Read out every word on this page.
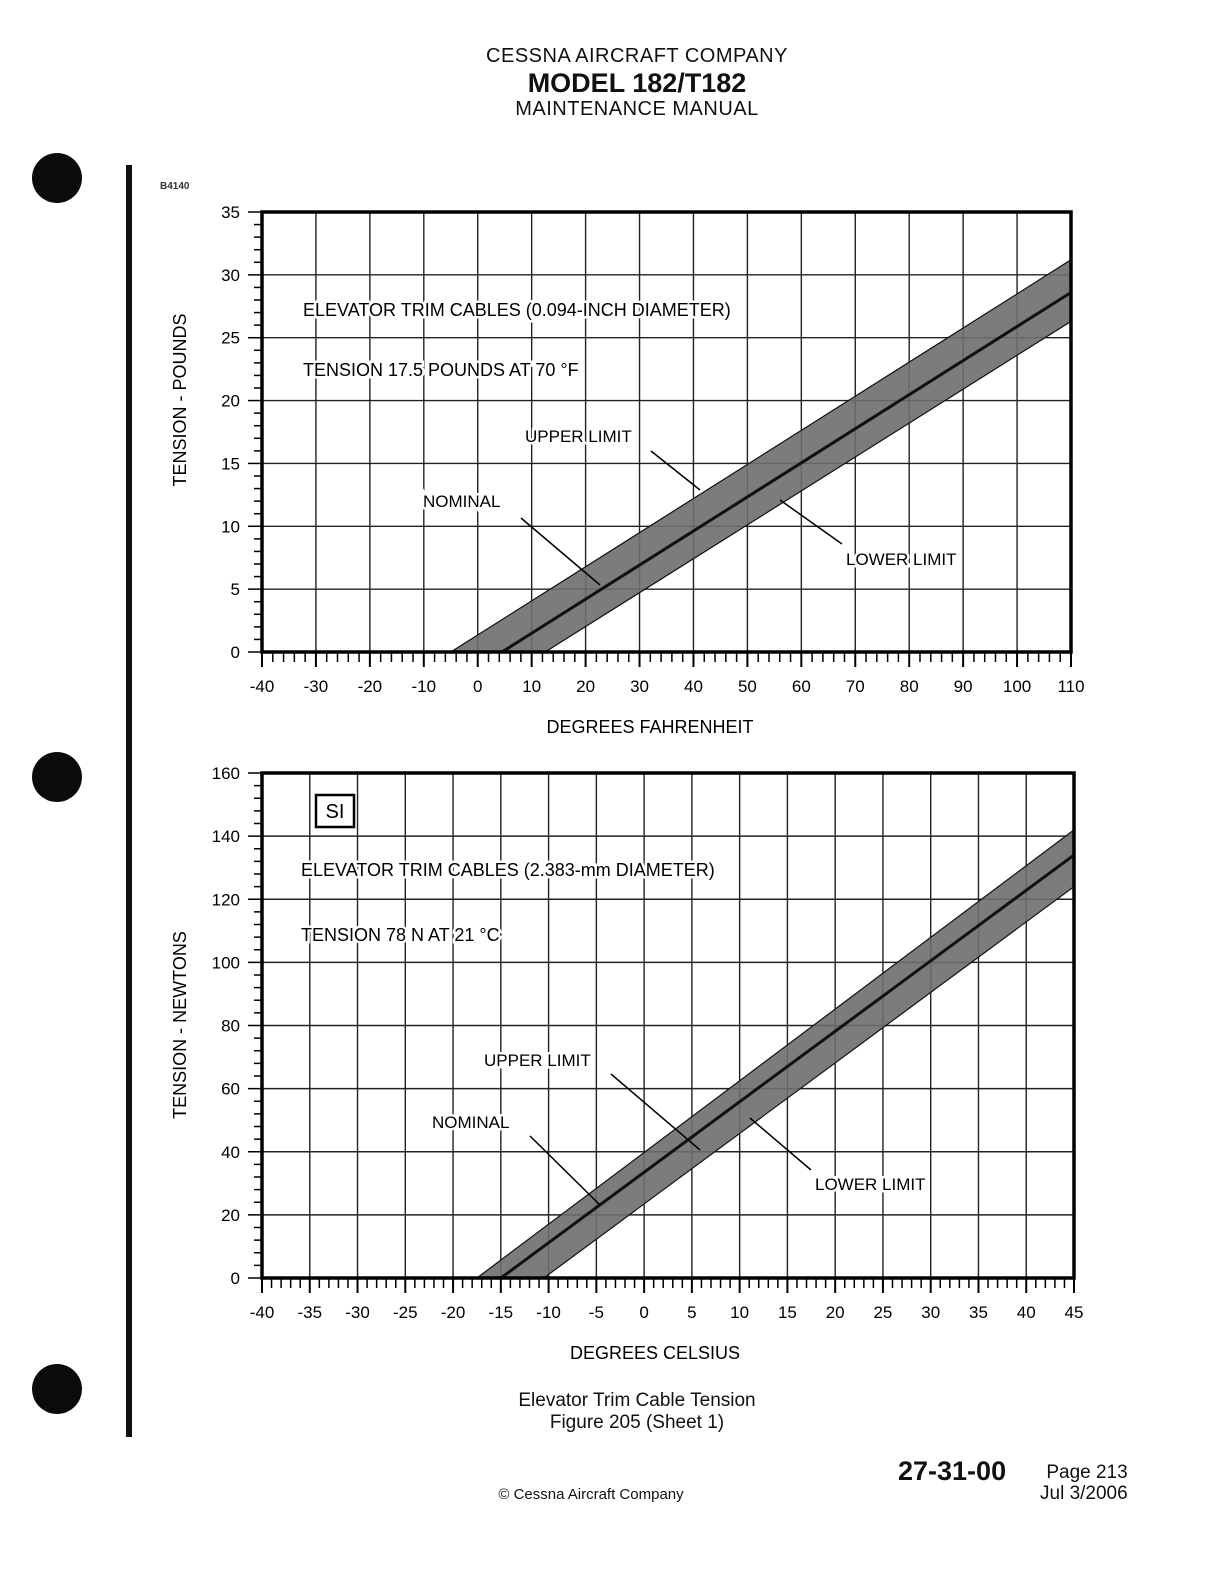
CESSNA AIRCRAFT COMPANY
MODEL 182/T182
MAINTENANCE MANUAL
B4140
-40 -30 -20 -10 0 10 20 30 40 50 60 70 80 90 100 110
0
5
10
15
20
25
30
35
DEGREES FAHRENHEIT
TENSION - POUNDS
ELEVATOR TRIM CABLES (0.094-INCH DIAMETER)
TENSION 17.5 POUNDS AT 70 °F
UPPER LIMIT
NOMINAL
LOWER LIMIT
-40 -35 -30 -25 -20 -15 -10 -5 0 5 10 15 20 25 30 35 40 45
0
20
40
60
80
100
120
140
160
DEGREES CELSIUS
TENSION - NEWTONS
SI
ELEVATOR TRIM CABLES (2.383-mm DIAMETER)
TENSION 78 N AT 21 °C
UPPER LIMIT
NOMINAL
LOWER LIMIT
Elevator Trim Cable Tension
Figure 205 (Sheet 1)
27-31-00	Page 213
Jul 3/2006
© Cessna Aircraft Company
